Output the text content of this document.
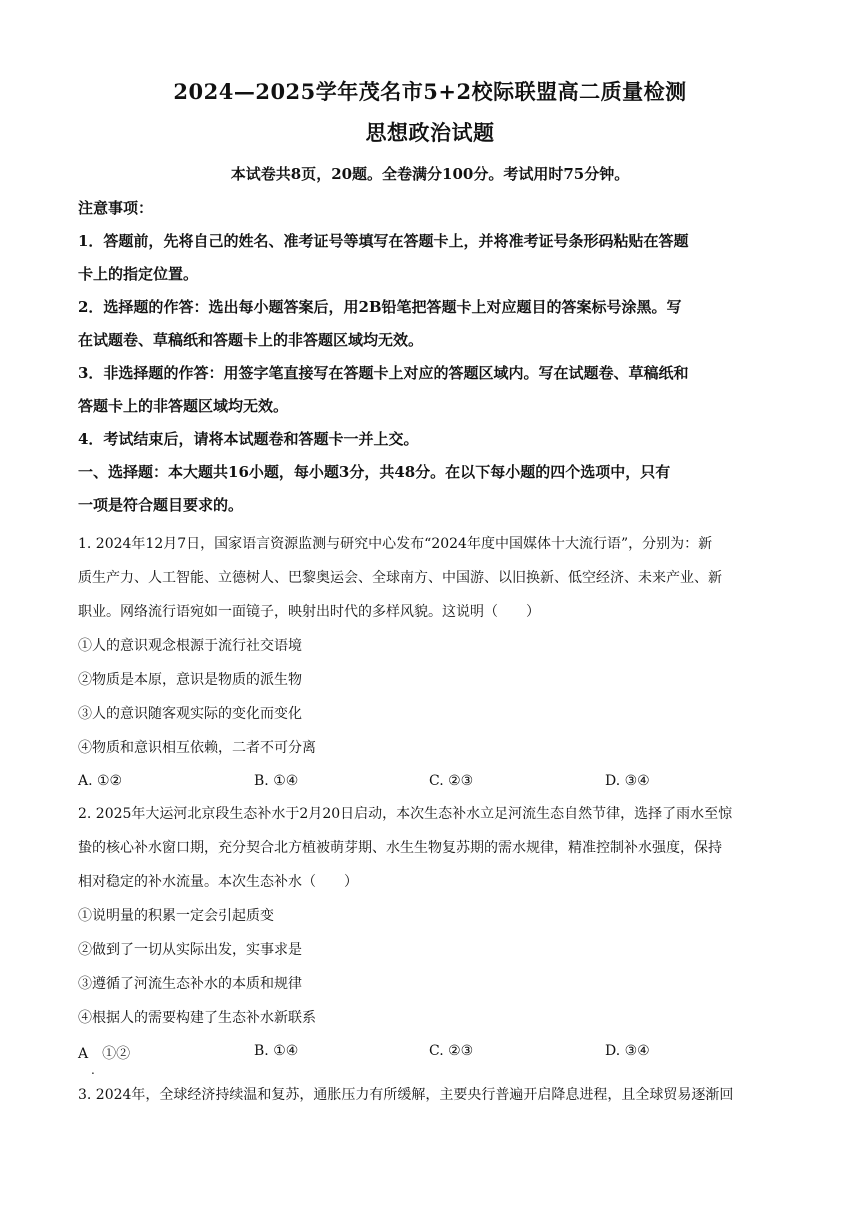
2024—2025学年茂名市5+2校际联盟高二质量检测
思想政治试题
本试卷共8页，20题。全卷满分100分。考试用时75分钟。
注意事项：
1．答题前，先将自己的姓名、准考证号等填写在答题卡上，并将准考证号条形码粘贴在答题
卡上的指定位置。
2．选择题的作答：选出每小题答案后，用2B铅笔把答题卡上对应题目的答案标号涂黑。写
在试题卷、草稿纸和答题卡上的非答题区域均无效。
3．非选择题的作答：用签字笔直接写在答题卡上对应的答题区域内。写在试题卷、草稿纸和
答题卡上的非答题区域均无效。
4．考试结束后，请将本试题卷和答题卡一并上交。
一、选择题：本大题共16小题，每小题3分，共48分。在以下每小题的四个选项中，只有
一项是符合题目要求的。
1. 2024年12月7日，国家语言资源监测与研究中心发布“2024年度中国媒体十大流行语”，分别为：新
质生产力、人工智能、立德树人、巴黎奥运会、全球南方、中国游、以旧换新、低空经济、未来产业、新
职业。网络流行语宛如一面镜子，映射出时代的多样风貌。这说明（　　）
①人的意识观念根源于流行社交语境
②物质是本原，意识是物质的派生物
③人的意识随客观实际的变化而变化
④物质和意识相互依赖，二者不可分离
A. ①②	B. ①④	C. ②③	D. ③④
2. 2025年大运河北京段生态补水于2月20日启动，本次生态补水立足河流生态自然节律，选择了雨水至惊
蛰的核心补水窗口期，充分契合北方植被萌芽期、水生生物复苏期的需水规律，精准控制补水强度，保持
相对稳定的补水流量。本次生态补水（　　）
①说明量的积累一定会引起质变
②做到了一切从实际出发，实事求是
③遵循了河流生态补水的本质和规律
④根据人的需要构建了生态补水新联系
A　①②	B. ①④	C. ②③	D. ③④
.
3. 2024年，全球经济持续温和复苏，通胀压力有所缓解，主要央行普遍开启降息进程，且全球贸易逐渐回
